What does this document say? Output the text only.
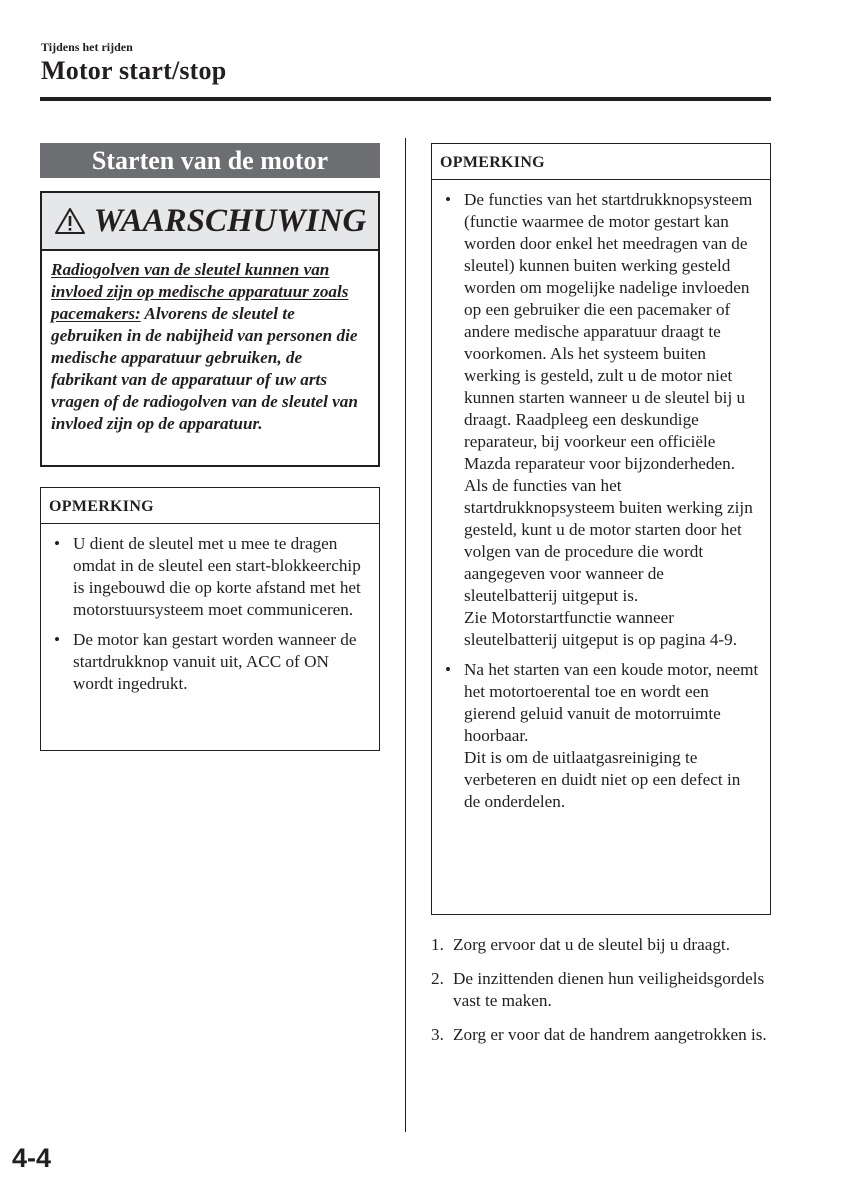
Tijdens het rijden
Motor start/stop
Starten van de motor
WAARSCHUWING
Radiogolven van de sleutel kunnen van invloed zijn op medische apparatuur zoals pacemakers: Alvorens de sleutel te gebruiken in de nabijheid van personen die medische apparatuur gebruiken, de fabrikant van de apparatuur of uw arts vragen of de radiogolven van de sleutel van invloed zijn op de apparatuur.
OPMERKING
• U dient de sleutel met u mee te dragen omdat in de sleutel een start-blokkeerchip is ingebouwd die op korte afstand met het motorstuursysteem moet communiceren.

• De motor kan gestart worden wanneer de startdrukknop vanuit uit, ACC of ON wordt ingedrukt.

OPMERKING
• De functies van het startdrukknopsysteem (functie waarmee de motor gestart kan worden door enkel het meedragen van de sleutel) kunnen buiten werking gesteld worden om mogelijke nadelige invloeden op een gebruiker die een pacemaker of andere medische apparatuur draagt te voorkomen. Als het systeem buiten werking is gesteld, zult u de motor niet kunnen starten wanneer u de sleutel bij u draagt. Raadpleeg een deskundige reparateur, bij voorkeur een officiële Mazda reparateur voor bijzonderheden. Als de functies van het startdrukknopsysteem buiten werking zijn gesteld, kunt u de motor starten door het volgen van de procedure die wordt aangegeven voor wanneer de sleutelbatterij uitgeput is.

Zie Motorstartfunctie wanneer sleutelbatterij uitgeput is op pagina 4-9.

• Na het starten van een koude motor, neemt het motortoerental toe en wordt een gierend geluid vanuit de motorruimte hoorbaar.

Dit is om de uitlaatgasreiniging te verbeteren en duidt niet op een defect in de onderdelen.

1. Zorg ervoor dat u de sleutel bij u draagt.
2. De inzittenden dienen hun veiligheidsgordels vast te maken.
3. Zorg er voor dat de handrem aangetrokken is.
4-4
